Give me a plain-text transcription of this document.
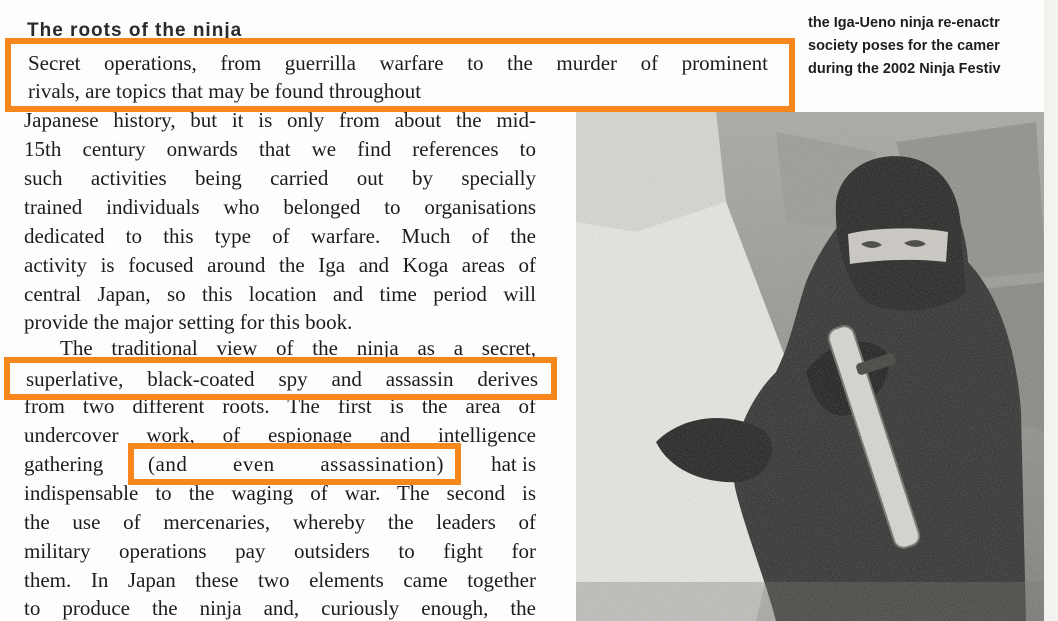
The roots of the ninja	the Iga-Ueno ninja re-enactr
society poses for the camer
during the 2002 Ninja Festiv
Secret operations, from guerrilla warfare to the murder of prominent
rivals, are topics that may be found throughout
Japanese history, but it is only from about the mid-
15th century onwards that we find references to
such activities being carried out by specially
trained individuals who belonged to organisations
dedicated to this type of warfare. Much of the
activity is focused around the Iga and Koga areas of
central Japan, so this location and time period will
provide the major setting for this book.
The traditional view of the ninja as a secret,
superlative, black-coated spy and assassin derives
from two different roots. The first is the area of
undercover work, of espionage and intelligence
gathering (and even assassination) hat is
indispensable to the waging of war. The second is
the use of mercenaries, whereby the leaders of
military operations pay outsiders to fight for
them. In Japan these two elements came together
to produce the ninja and, curiously enough, the
